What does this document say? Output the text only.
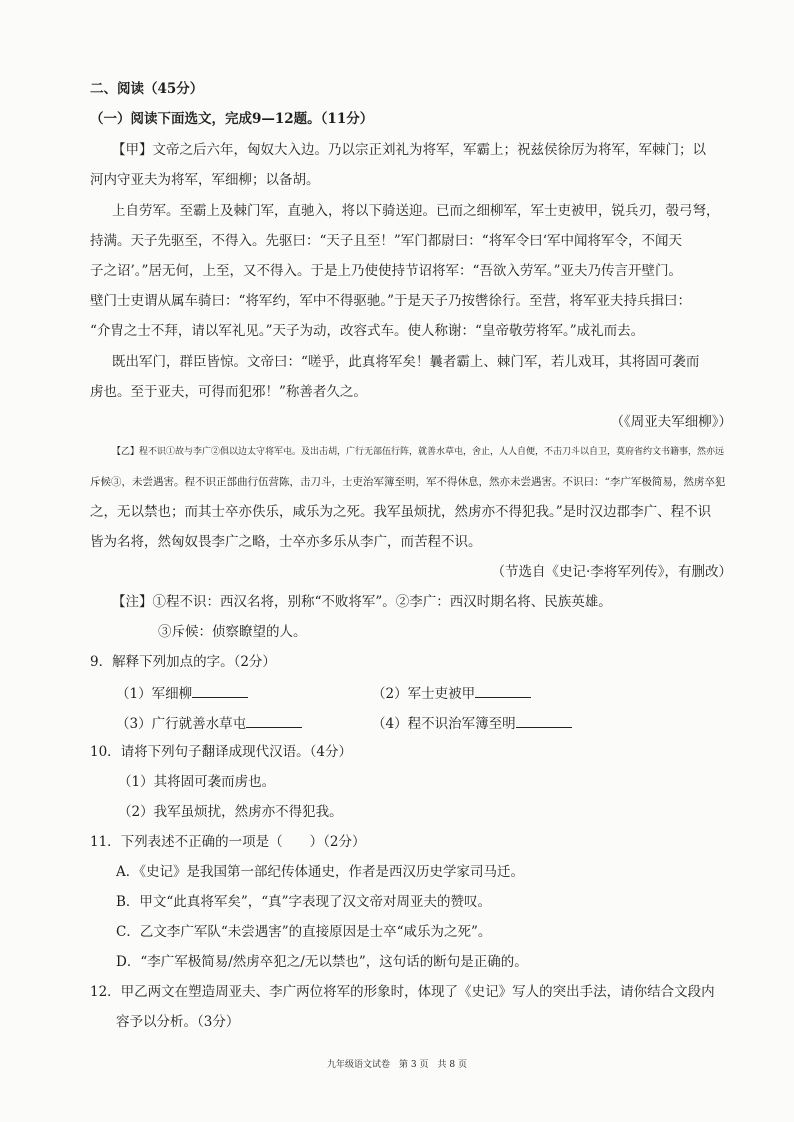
二、阅读（45分）
（一）阅读下面选文，完成9—12题。（11分）
【甲】文帝之后六年，匈奴大入边。乃以宗正刘礼为将军，军霸上；祝兹侯徐厉为将军，军棘门；以
河内守亚夫为将军，军细柳；以备胡。
上自劳军。至霸上及棘门军，直驰入，将以下骑送迎。已而之细柳军，军士吏被甲，锐兵刃，彀弓弩，
持满。天子先驱至，不得入。先驱曰：“天子且至！”军门都尉曰：“将军令曰‘军中闻将军令，不闻天
子之诏’。”居无何，上至，又不得入。于是上乃使使持节诏将军：“吾欲入劳军。”亚夫乃传言开壁门。
壁门士吏谓从属车骑曰：“将军约，军中不得驱驰。”于是天子乃按辔徐行。至营，将军亚夫持兵揖曰：
“介胄之士不拜，请以军礼见。”天子为动，改容式车。使人称谢：“皇帝敬劳将军。”成礼而去。
既出军门，群臣皆惊。文帝曰：“嗟乎，此真将军矣！曩者霸上、棘门军，若儿戏耳，其将固可袭而
虏也。至于亚夫，可得而犯邪！”称善者久之。
（《周亚夫军细柳》）
【乙】程不识①故与李广②俱以边太守将军屯。及出击胡，广行无部伍行阵，就善水草屯，舍止，人人自便，不击刀斗以自卫，莫府省约文书籍事，然亦远
斥候③，未尝遇害。程不识正部曲行伍营陈，击刀斗，士吏治军簿至明，军不得休息，然亦未尝遇害。不识曰：“李广军极简易，然虏卒犯
之，无以禁也；而其士卒亦佚乐，咸乐为之死。我军虽烦扰，然虏亦不得犯我。”是时汉边郡李广、程不识
皆为名将，然匈奴畏李广之略，士卒亦多乐从李广，而苦程不识。
（节选自《史记·李将军列传》，有删改）
【注】①程不识：西汉名将，别称“不败将军”。②李广：西汉时期名将、民族英雄。
③斥候：侦察瞭望的人。
9．解释下列加点的字。（2分）
（1）军细柳	（2）军士吏被甲
（3）广行就善水草屯	（4）程不识治军簿至明
10．请将下列句子翻译成现代汉语。（4分）
（1）其将固可袭而虏也。
（2）我军虽烦扰，然虏亦不得犯我。
11．下列表述不正确的一项是（　　）（2分）
A．《史记》是我国第一部纪传体通史，作者是西汉历史学家司马迁。
B．甲文“此真将军矣”，“真”字表现了汉文帝对周亚夫的赞叹。
C．乙文李广军队“未尝遇害”的直接原因是士卒“咸乐为之死”。
D．“李广军极简易/然虏卒犯之/无以禁也”，这句话的断句是正确的。
12．甲乙两文在塑造周亚夫、李广两位将军的形象时，体现了《史记》写人的突出手法，请你结合文段内
容予以分析。（3分）
九年级语文试卷　第 3 页　共 8 页
